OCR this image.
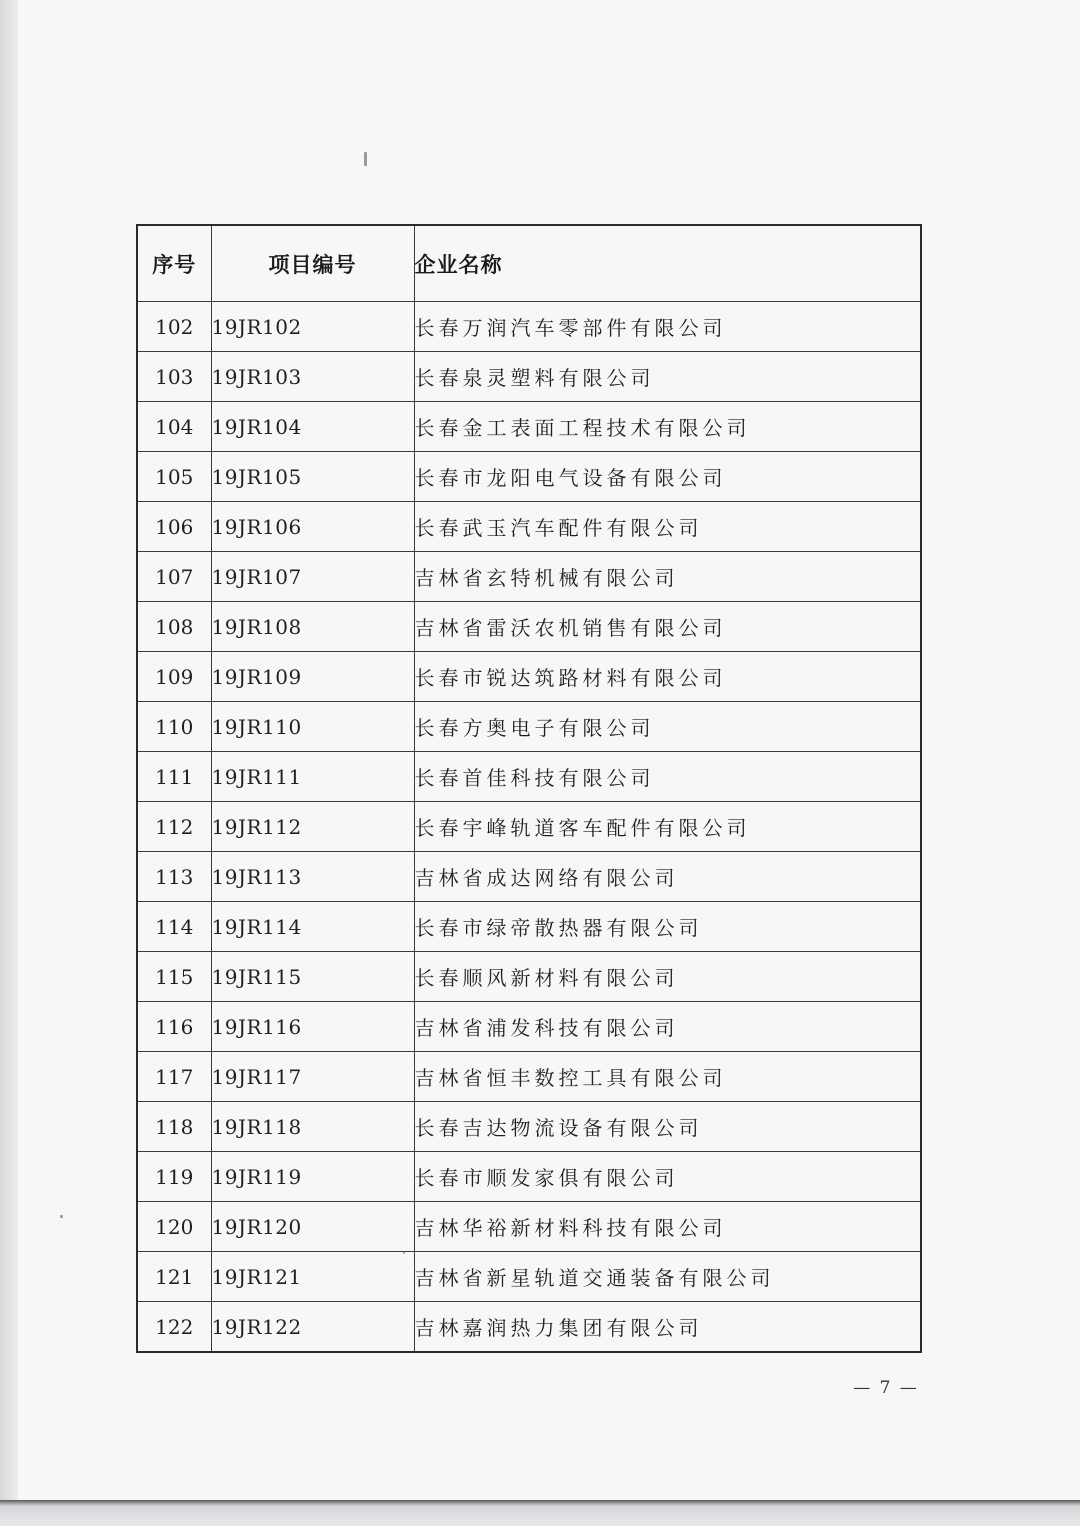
序号	项目编号	企业名称
102	19JR102	长春万润汽车零部件有限公司
103	19JR103	长春泉灵塑料有限公司
104	19JR104	长春金工表面工程技术有限公司
105	19JR105	长春市龙阳电气设备有限公司
106	19JR106	长春武玉汽车配件有限公司
107	19JR107	吉林省玄特机械有限公司
108	19JR108	吉林省雷沃农机销售有限公司
109	19JR109	长春市锐达筑路材料有限公司
110	19JR110	长春方奥电子有限公司
111	19JR111	长春首佳科技有限公司
112	19JR112	长春宇峰轨道客车配件有限公司
113	19JR113	吉林省成达网络有限公司
114	19JR114	长春市绿帝散热器有限公司
115	19JR115	长春顺风新材料有限公司
116	19JR116	吉林省浦发科技有限公司
117	19JR117	吉林省恒丰数控工具有限公司
118	19JR118	长春吉达物流设备有限公司
119	19JR119	长春市顺发家俱有限公司
120	19JR120	吉林华裕新材料科技有限公司
121	19JR121	吉林省新星轨道交通装备有限公司
122	19JR122	吉林嘉润热力集团有限公司
— 7 —
